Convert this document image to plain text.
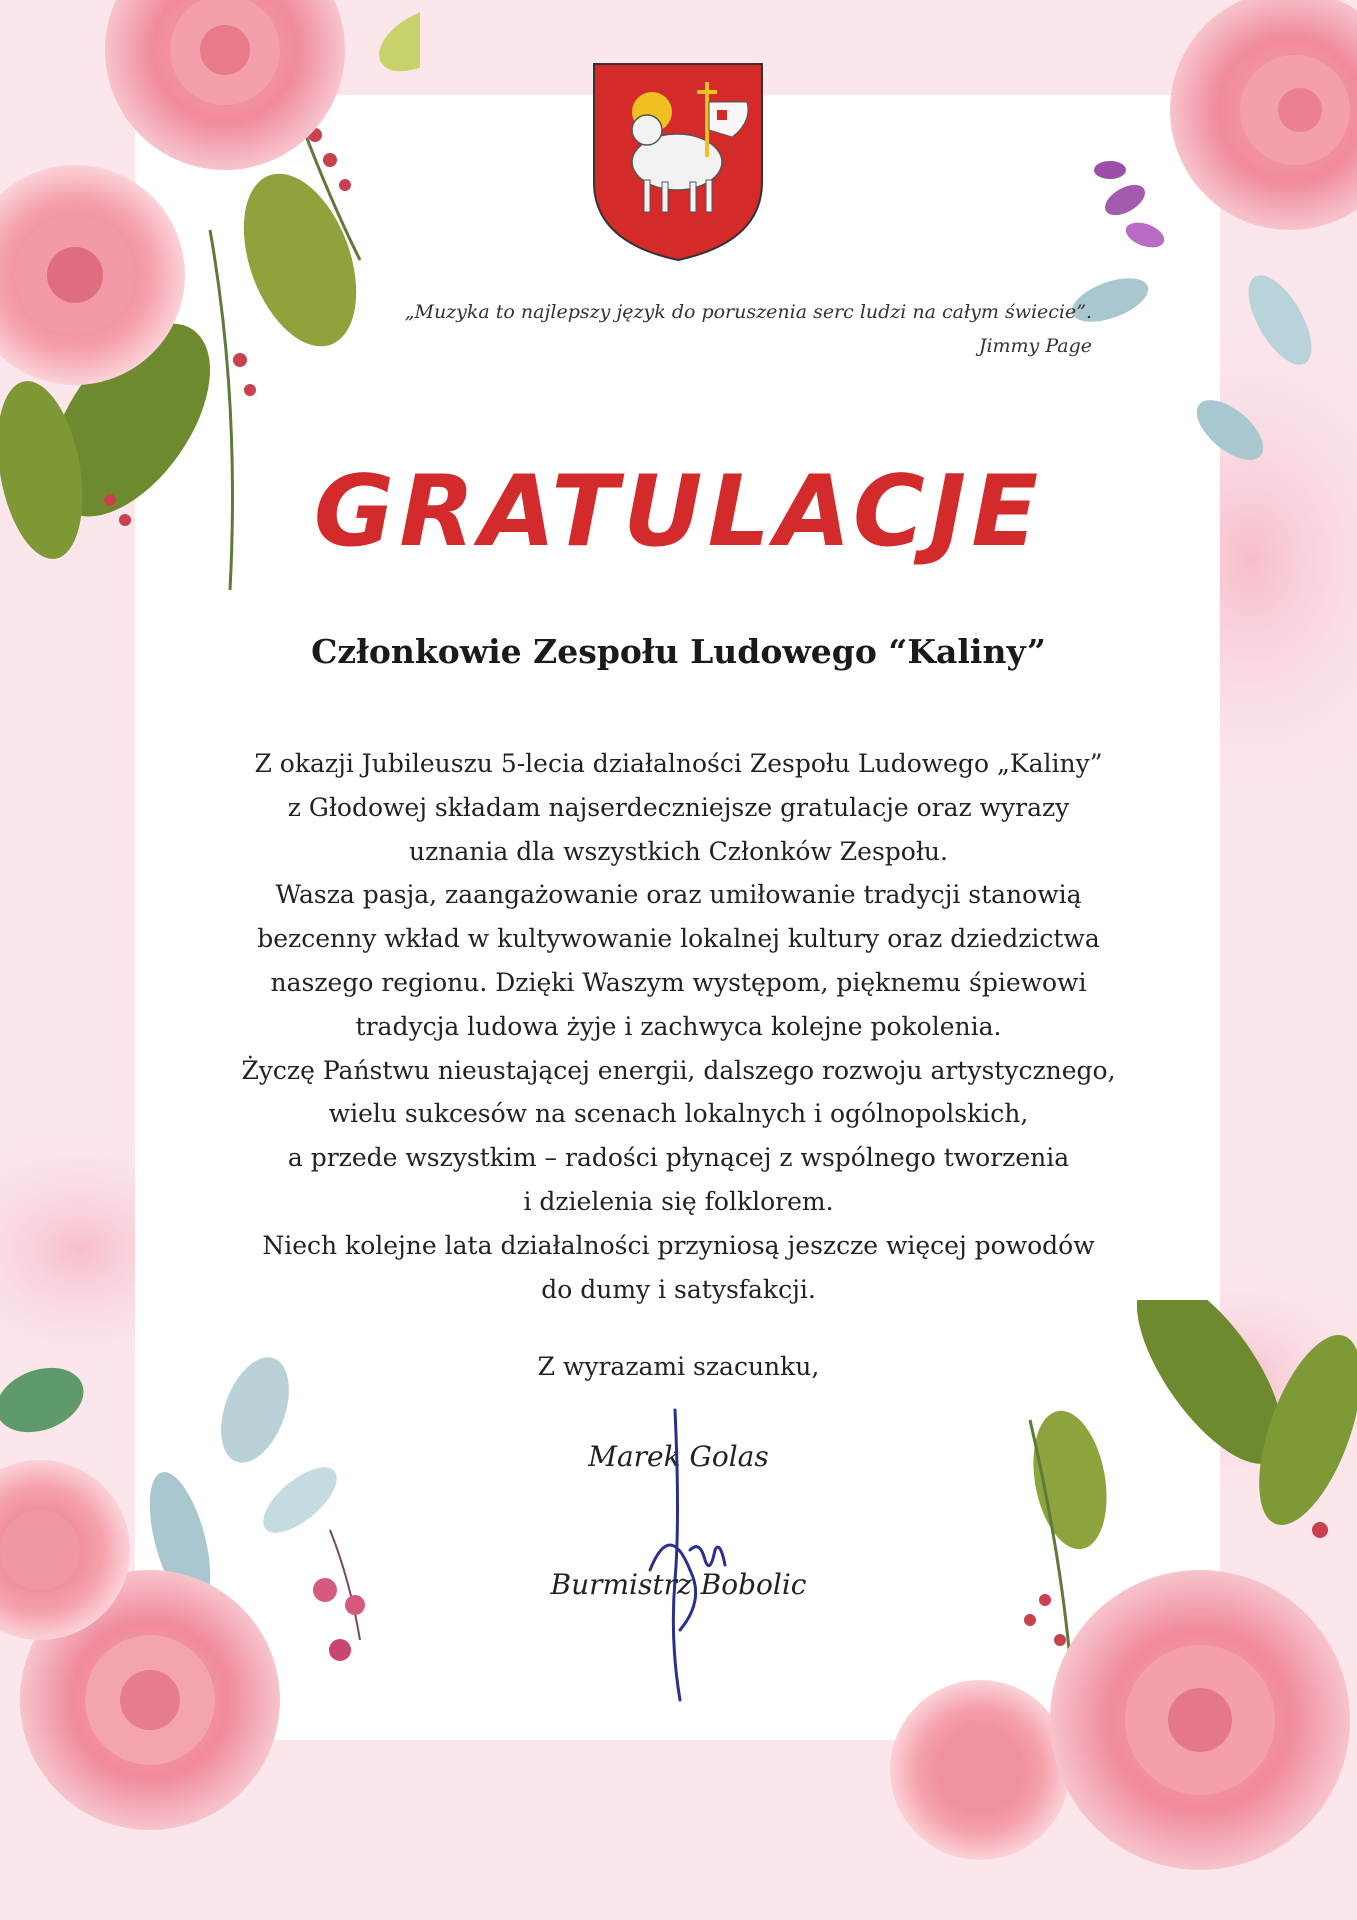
„Muzyka to najlepszy język do poruszenia serc ludzi na całym świecie”.
Jimmy Page
GRATULACJE
Członkowie Zespołu Ludowego “Kaliny”
Z okazji Jubileuszu 5-lecia działalności Zespołu Ludowego „Kaliny”
z Głodowej składam najserdeczniejsze gratulacje oraz wyrazy
uznania dla wszystkich Członków Zespołu.
Wasza pasja, zaangażowanie oraz umiłowanie tradycji stanowią
bezcenny wkład w kultywowanie lokalnej kultury oraz dziedzictwa
naszego regionu. Dzięki Waszym występom, pięknemu śpiewowi
tradycja ludowa żyje i zachwyca kolejne pokolenia.
Życzę Państwu nieustającej energii, dalszego rozwoju artystycznego,
wielu sukcesów na scenach lokalnych i ogólnopolskich,
a przede wszystkim – radości płynącej z wspólnego tworzenia
i dzielenia się folklorem.
Niech kolejne lata działalności przyniosą jeszcze więcej powodów
do dumy i satysfakcji.
Z wyrazami szacunku,
Marek Golas
Burmistrz Bobolic
